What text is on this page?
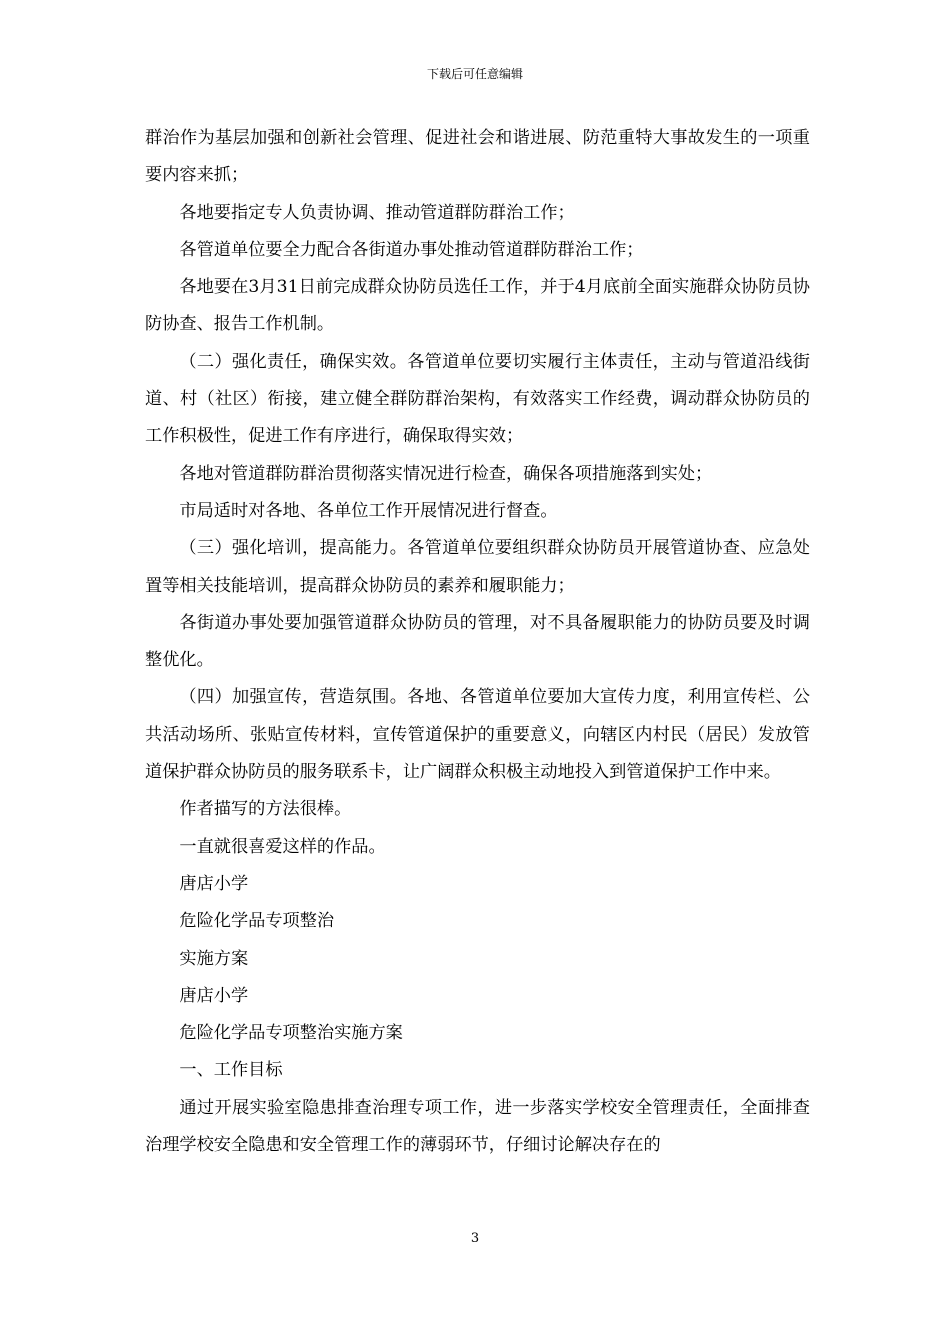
下载后可任意编辑

群治作为基层加强和创新社会管理、促进社会和谐进展、防范重特大事故发生的一项重要内容来抓；

各地要指定专人负责协调、推动管道群防群治工作；

各管道单位要全力配合各街道办事处推动管道群防群治工作；

各地要在3月31日前完成群众协防员选任工作，并于4月底前全面实施群众协防员协防协查、报告工作机制。

（二）强化责任，确保实效。各管道单位要切实履行主体责任，主动与管道沿线街道、村（社区）衔接，建立健全群防群治架构，有效落实工作经费，调动群众协防员的工作积极性，促进工作有序进行，确保取得实效；

各地对管道群防群治贯彻落实情况进行检查，确保各项措施落到实处；

市局适时对各地、各单位工作开展情况进行督查。

（三）强化培训，提高能力。各管道单位要组织群众协防员开展管道协查、应急处置等相关技能培训，提高群众协防员的素养和履职能力；

各街道办事处要加强管道群众协防员的管理，对不具备履职能力的协防员要及时调整优化。

（四）加强宣传，营造氛围。各地、各管道单位要加大宣传力度，利用宣传栏、公共活动场所、张贴宣传材料，宣传管道保护的重要意义，向辖区内村民（居民）发放管道保护群众协防员的服务联系卡，让广阔群众积极主动地投入到管道保护工作中来。

作者描写的方法很棒。

一直就很喜爱这样的作品。

唐店小学

危险化学品专项整治

实施方案

唐店小学

危险化学品专项整治实施方案

一、工作目标

通过开展实验室隐患排查治理专项工作，进一步落实学校安全管理责任，全面排查治理学校安全隐患和安全管理工作的薄弱环节，仔细讨论解决存在的

3
